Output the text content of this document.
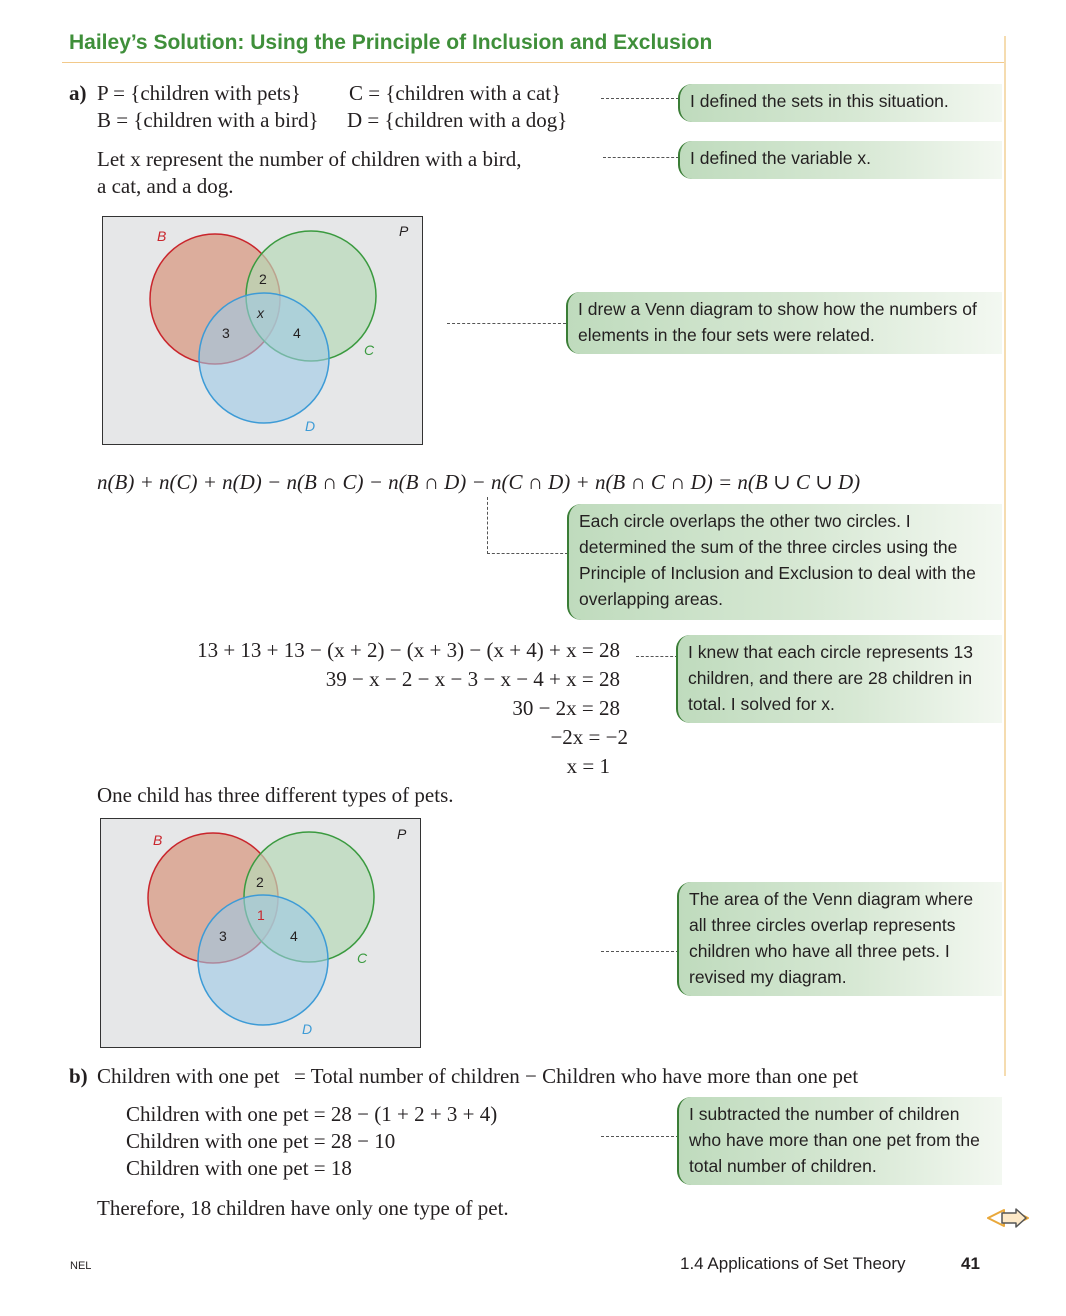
Hailey’s Solution: Using the Principle of Inclusion and Exclusion
a) P = {children with pets} C = {children with a cat}
B = {children with a bird} D = {children with a dog}
I defined the sets in this situation.
Let x represent the number of children with a bird,
a cat, and a dog.
I defined the variable x.
B	P
C
D
2
x
3	4
I drew a Venn diagram to show how the numbers of elements in the four sets were related.
n(B) + n(C) + n(D) − n(B ∩ C) − n(B ∩ D) − n(C ∩ D) + n(B ∩ C ∩ D) = n(B ∪ C ∪ D)
Each circle overlaps the other two circles. I determined the sum of the three circles using the Principle of Inclusion and Exclusion to deal with the overlapping areas.
13 + 13 + 13 − (x + 2) − (x + 3) − (x + 4) + x = 28
39 − x − 2 − x − 3 − x − 4 + x = 28
30 − 2x = 28
−2x = −2
x = 1
I knew that each circle represents 13 children, and there are 28 children in total. I solved for x.
One child has three different types of pets.
B	P
C
D
2
1
3	4
The area of the Venn diagram where all three circles overlap represents children who have all three pets. I revised my diagram.
b) Children with one pet = Total number of children − Children who have more than one pet
Children with one pet = 28 − (1 + 2 + 3 + 4)
Children with one pet = 28 − 10
Children with one pet = 18
I subtracted the number of children who have more than one pet from the total number of children.
Therefore, 18 children have only one type of pet.
NEL	1.4 Applications of Set Theory	41
